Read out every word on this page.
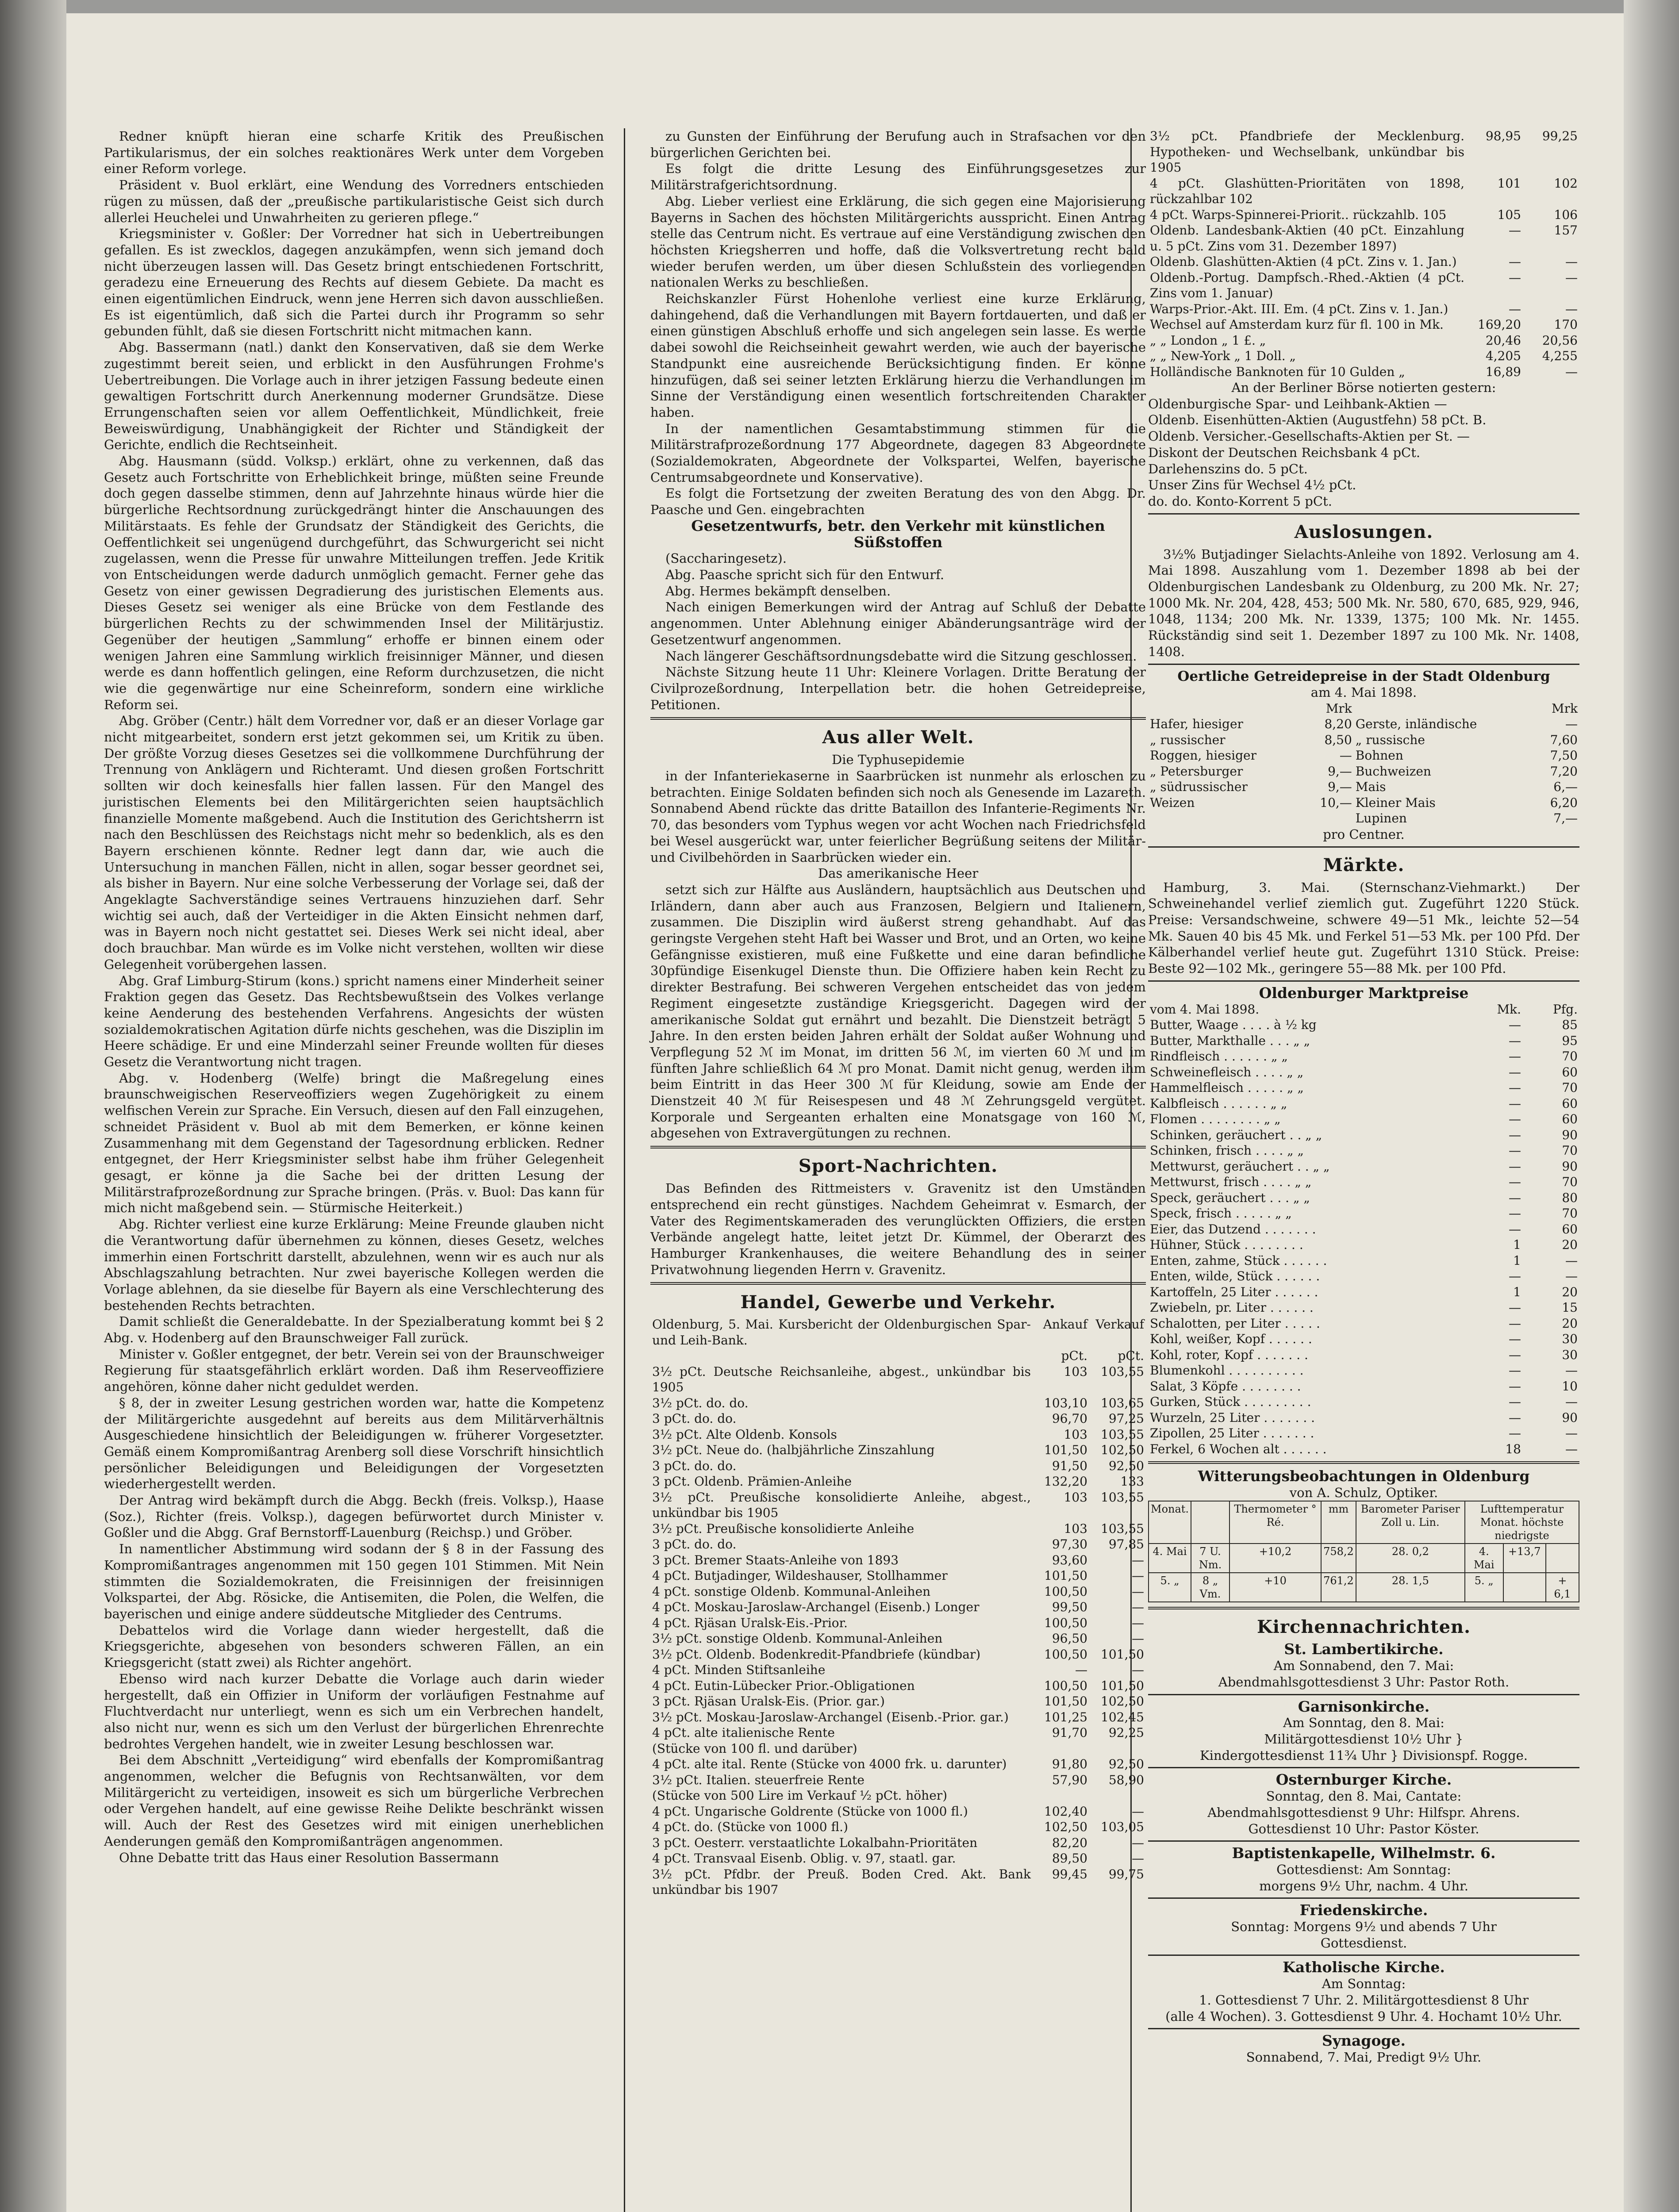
Redner knüpft hieran eine scharfe Kritik des Preußischen Partikularismus, der ein solches reaktionäres Werk unter dem Vorgeben einer Reform vorlege.

Präsident v. Buol erklärt, eine Wendung des Vorredners entschieden rügen zu müssen, daß der „preußische partikularistische Geist sich durch allerlei Heuchelei und Unwahrheiten zu gerieren pflege.“

Kriegsminister v. Goßler: Der Vorredner hat sich in Uebertreibungen gefallen. Es ist zwecklos, dagegen anzukämpfen, wenn sich jemand doch nicht überzeugen lassen will. Das Gesetz bringt entschiedenen Fortschritt, geradezu eine Erneuerung des Rechts auf diesem Gebiete. Da macht es einen eigentümlichen Eindruck, wenn jene Herren sich davon ausschließen. Es ist eigentümlich, daß sich die Partei durch ihr Programm so sehr gebunden fühlt, daß sie diesen Fortschritt nicht mitmachen kann.

Abg. Bassermann (natl.) dankt den Konservativen, daß sie dem Werke zugestimmt bereit seien, und erblickt in den Ausführungen Frohme's Uebertreibungen. Die Vorlage auch in ihrer jetzigen Fassung bedeute einen gewaltigen Fortschritt durch Anerkennung moderner Grundsätze. Diese Errungenschaften seien vor allem Oeffentlichkeit, Mündlichkeit, freie Beweiswürdigung, Unabhängigkeit der Richter und Ständigkeit der Gerichte, endlich die Rechtseinheit.

Abg. Hausmann (südd. Volksp.) erklärt, ohne zu verkennen, daß das Gesetz auch Fortschritte von Erheblichkeit bringe, müßten seine Freunde doch gegen dasselbe stimmen, denn auf Jahrzehnte hinaus würde hier die bürgerliche Rechtsordnung zurückgedrängt hinter die Anschauungen des Militärstaats. Es fehle der Grundsatz der Ständigkeit des Gerichts, die Oeffentlichkeit sei ungenügend durchgeführt, das Schwurgericht sei nicht zugelassen, wenn die Presse für unwahre Mitteilungen treffen. Jede Kritik von Entscheidungen werde dadurch unmöglich gemacht. Ferner gehe das Gesetz von einer gewissen Degradierung des juristischen Elements aus. Dieses Gesetz sei weniger als eine Brücke von dem Festlande des bürgerlichen Rechts zu der schwimmenden Insel der Militärjustiz. Gegenüber der heutigen „Sammlung“ erhoffe er binnen einem oder wenigen Jahren eine Sammlung wirklich freisinniger Männer, und diesen werde es dann hoffentlich gelingen, eine Reform durchzusetzen, die nicht wie die gegenwärtige nur eine Scheinreform, sondern eine wirkliche Reform sei.

Abg. Gröber (Centr.) hält dem Vorredner vor, daß er an dieser Vorlage gar nicht mitgearbeitet, sondern erst jetzt gekommen sei, um Kritik zu üben. Der größte Vorzug dieses Gesetzes sei die vollkommene Durchführung der Trennung von Anklägern und Richteramt. Und diesen großen Fortschritt sollten wir doch keinesfalls hier fallen lassen. Für den Mangel des juristischen Elements bei den Militärgerichten seien hauptsächlich finanzielle Momente maßgebend. Auch die Institution des Gerichtsherrn ist nach den Beschlüssen des Reichstags nicht mehr so bedenklich, als es den Bayern erschienen könnte. Redner legt dann dar, wie auch die Untersuchung in manchen Fällen, nicht in allen, sogar besser geordnet sei, als bisher in Bayern. Nur eine solche Verbesserung der Vorlage sei, daß der Angeklagte Sachverständige seines Vertrauens hinzuziehen darf. Sehr wichtig sei auch, daß der Verteidiger in die Akten Einsicht nehmen darf, was in Bayern noch nicht gestattet sei. Dieses Werk sei nicht ideal, aber doch brauchbar. Man würde es im Volke nicht verstehen, wollten wir diese Gelegenheit vorübergehen lassen.

Abg. Graf Limburg-Stirum (kons.) spricht namens einer Minderheit seiner Fraktion gegen das Gesetz. Das Rechtsbewußtsein des Volkes verlange keine Aenderung des bestehenden Verfahrens. Angesichts der wüsten sozialdemokratischen Agitation dürfe nichts geschehen, was die Disziplin im Heere schädige. Er und eine Minderzahl seiner Freunde wollten für dieses Gesetz die Verantwortung nicht tragen.

Abg. v. Hodenberg (Welfe) bringt die Maßregelung eines braunschweigischen Reserveoffiziers wegen Zugehörigkeit zu einem welfischen Verein zur Sprache. Ein Versuch, diesen auf den Fall einzugehen, schneidet Präsident v. Buol ab mit dem Bemerken, er könne keinen Zusammenhang mit dem Gegenstand der Tagesordnung erblicken. Redner entgegnet, der Herr Kriegsminister selbst habe ihm früher Gelegenheit gesagt, er könne ja die Sache bei der dritten Lesung der Militärstrafprozeßordnung zur Sprache bringen. (Präs. v. Buol: Das kann für mich nicht maßgebend sein. — Stürmische Heiterkeit.)

Abg. Richter verliest eine kurze Erklärung: Meine Freunde glauben nicht die Verantwortung dafür übernehmen zu können, dieses Gesetz, welches immerhin einen Fortschritt darstellt, abzulehnen, wenn wir es auch nur als Abschlagszahlung betrachten. Nur zwei bayerische Kollegen werden die Vorlage ablehnen, da sie dieselbe für Bayern als eine Verschlechterung des bestehenden Rechts betrachten.

Damit schließt die Generaldebatte. In der Spezialberatung kommt bei § 2 Abg. v. Hodenberg auf den Braunschweiger Fall zurück.

Minister v. Goßler entgegnet, der betr. Verein sei von der Braunschweiger Regierung für staatsgefährlich erklärt worden. Daß ihm Reserveoffiziere angehören, könne daher nicht geduldet werden.

§ 8, der in zweiter Lesung gestrichen worden war, hatte die Kompetenz der Militärgerichte ausgedehnt auf bereits aus dem Militärverhältnis Ausgeschiedene hinsichtlich der Beleidigungen w. früherer Vorgesetzter. Gemäß einem Kompromißantrag Arenberg soll diese Vorschrift hinsichtlich persönlicher Beleidigungen und Beleidigungen der Vorgesetzten wiederhergestellt werden.

Der Antrag wird bekämpft durch die Abgg. Beckh (freis. Volksp.), Haase (Soz.), Richter (freis. Volksp.), dagegen befürwortet durch Minister v. Goßler und die Abgg. Graf Bernstorff-Lauenburg (Reichsp.) und Gröber.

In namentlicher Abstimmung wird sodann der § 8 in der Fassung des Kompromißantrages angenommen mit 150 gegen 101 Stimmen. Mit Nein stimmten die Sozialdemokraten, die Freisinnigen der freisinnigen Volkspartei, der Abg. Rösicke, die Antisemiten, die Polen, die Welfen, die bayerischen und einige andere süddeutsche Mitglieder des Centrums.

Debattelos wird die Vorlage dann wieder hergestellt, daß die Kriegsgerichte, abgesehen von besonders schweren Fällen, an ein Kriegsgericht (statt zwei) als Richter angehört.

Ebenso wird nach kurzer Debatte die Vorlage auch darin wieder hergestellt, daß ein Offizier in Uniform der vorläufigen Festnahme auf Fluchtverdacht nur unterliegt, wenn es sich um ein Verbrechen handelt, also nicht nur, wenn es sich um den Verlust der bürgerlichen Ehrenrechte bedrohtes Vergehen handelt, wie in zweiter Lesung beschlossen war.

Bei dem Abschnitt „Verteidigung“ wird ebenfalls der Kompromißantrag angenommen, welcher die Befugnis von Rechtsanwälten, vor dem Militärgericht zu verteidigen, insoweit es sich um bürgerliche Verbrechen oder Vergehen handelt, auf eine gewisse Reihe Delikte beschränkt wissen will. Auch der Rest des Gesetzes wird mit einigen unerheblichen Aenderungen gemäß den Kompromißanträgen angenommen.

Ohne Debatte tritt das Haus einer Resolution Bassermann

zu Gunsten der Einführung der Berufung auch in Strafsachen vor den bürgerlichen Gerichten bei.

Es folgt die dritte Lesung des Einführungsgesetzes zur Militärstrafgerichtsordnung.

Abg. Lieber verliest eine Erklärung, die sich gegen eine Majorisierung Bayerns in Sachen des höchsten Militärgerichts ausspricht. Einen Antrag stelle das Centrum nicht. Es vertraue auf eine Verständigung zwischen den höchsten Kriegsherren und hoffe, daß die Volksvertretung recht bald wieder berufen werden, um über diesen Schlußstein des vorliegenden nationalen Werks zu beschließen.

Reichskanzler Fürst Hohenlohe verliest eine kurze Erklärung, dahingehend, daß die Verhandlungen mit Bayern fortdauerten, und daß er einen günstigen Abschluß erhoffe und sich angelegen sein lasse. Es werde dabei sowohl die Reichseinheit gewahrt werden, wie auch der bayerische Standpunkt eine ausreichende Berücksichtigung finden. Er könne hinzufügen, daß sei seiner letzten Erklärung hierzu die Verhandlungen im Sinne der Verständigung einen wesentlich fortschreitenden Charakter haben.

In der namentlichen Gesamtabstimmung stimmen für die Militärstrafprozeßordnung 177 Abgeordnete, dagegen 83 Abgeordnete (Sozialdemokraten, Abgeordnete der Volkspartei, Welfen, bayerische Centrumsabgeordnete und Konservative).

Es folgt die Fortsetzung der zweiten Beratung des von den Abgg. Dr. Paasche und Gen. eingebrachten

Gesetzentwurfs, betr. den Verkehr mit künstlichen Süßstoffen

(Saccharingesetz).

Abg. Paasche spricht sich für den Entwurf.

Abg. Hermes bekämpft denselben.

Nach einigen Bemerkungen wird der Antrag auf Schluß der Debatte angenommen. Unter Ablehnung einiger Abänderungsanträge wird der Gesetzentwurf angenommen.

Nach längerer Geschäftsordnungsdebatte wird die Sitzung geschlossen.

Nächste Sitzung heute 11 Uhr: Kleinere Vorlagen. Dritte Beratung der Civilprozeßordnung, Interpellation betr. die hohen Getreidepreise, Petitionen.

Aus aller Welt.

Die Typhusepidemie

in der Infanteriekaserne in Saarbrücken ist nunmehr als erloschen zu betrachten. Einige Soldaten befinden sich noch als Genesende im Lazareth. Sonnabend Abend rückte das dritte Bataillon des Infanterie-Regiments Nr. 70, das besonders vom Typhus wegen vor acht Wochen nach Friedrichsfeld bei Wesel ausgerückt war, unter feierlicher Begrüßung seitens der Militär- und Civilbehörden in Saarbrücken wieder ein.

Das amerikanische Heer

setzt sich zur Hälfte aus Ausländern, hauptsächlich aus Deutschen und Irländern, dann aber auch aus Franzosen, Belgiern und Italienern, zusammen. Die Disziplin wird äußerst streng gehandhabt. Auf das geringste Vergehen steht Haft bei Wasser und Brot, und an Orten, wo keine Gefängnisse existieren, muß eine Fußkette und eine daran befindliche 30pfündige Eisenkugel Dienste thun. Die Offiziere haben kein Recht zu direkter Bestrafung. Bei schweren Vergehen entscheidet das von jedem Regiment eingesetzte zuständige Kriegsgericht. Dagegen wird der amerikanische Soldat gut ernährt und bezahlt. Die Dienstzeit beträgt 5 Jahre. In den ersten beiden Jahren erhält der Soldat außer Wohnung und Verpflegung 52 ℳ im Monat, im dritten 56 ℳ, im vierten 60 ℳ und im fünften Jahre schließlich 64 ℳ pro Monat. Damit nicht genug, werden ihm beim Eintritt in das Heer 300 ℳ für Kleidung, sowie am Ende der Dienstzeit 40 ℳ für Reisespesen und 48 ℳ Zehrungsgeld vergütet. Korporale und Sergeanten erhalten eine Monatsgage von 160 ℳ, abgesehen von Extravergütungen zu rechnen.

Sport-Nachrichten.

Das Befinden des Rittmeisters v. Gravenitz ist den Umständen entsprechend ein recht günstiges. Nachdem Geheimrat v. Esmarch, der Vater des Regimentskameraden des verunglückten Offiziers, die ersten Verbände angelegt hatte, leitet jetzt Dr. Kümmel, der Oberarzt des Hamburger Krankenhauses, die weitere Behandlung des in seiner Privatwohnung liegenden Herrn v. Gravenitz.

Handel, Gewerbe und Verkehr.

Oldenburg, 5. Mai. Kursbericht der Oldenburgischen Spar- und Leih-Bank.	Ankauf	Verkauf
	pCt.	pCt.
3½ pCt. Deutsche Reichsanleihe, abgest., unkündbar bis 1905	103	103,55
3½ pCt. do. do.	103,10	103,65
3 pCt. do. do.	96,70	97,25
3½ pCt. Alte Oldenb. Konsols	103	103,55
3½ pCt. Neue do. (halbjährliche Zinszahlung	101,50	102,50
3 pCt. do. do.	91,50	92,50
3 pCt. Oldenb. Prämien-Anleihe	132,20	133
3½ pCt. Preußische konsolidierte Anleihe, abgest., unkündbar bis 1905	103	103,55
3½ pCt. Preußische konsolidierte Anleihe	103	103,55
3 pCt. do. do.	97,30	97,85
3 pCt. Bremer Staats-Anleihe von 1893	93,60	—
4 pCt. Butjadinger, Wildeshauser, Stollhammer	101,50	—
4 pCt. sonstige Oldenb. Kommunal-Anleihen	100,50	—
4 pCt. Moskau-Jaroslaw-Archangel (Eisenb.) Longer	99,50	—
4 pCt. Rjäsan Uralsk-Eis.-Prior.	100,50	—
3½ pCt. sonstige Oldenb. Kommunal-Anleihen	96,50	—
3½ pCt. Oldenb. Bodenkredit-Pfandbriefe (kündbar)	100,50	101,50
4 pCt. Minden Stiftsanleihe	—	—
4 pCt. Eutin-Lübecker Prior.-Obligationen	100,50	101,50
3 pCt. Rjäsan Uralsk-Eis. (Prior. gar.)	101,50	102,50
3½ pCt. Moskau-Jaroslaw-Archangel (Eisenb.-Prior. gar.)	101,25	102,45
4 pCt. alte italienische Rente	91,70	92,25
(Stücke von 100 fl. und darüber)		
4 pCt. alte ital. Rente (Stücke von 4000 frk. u. darunter)	91,80	92,50
3½ pCt. Italien. steuerfreie Rente	57,90	58,90
(Stücke von 500 Lire im Verkauf ½ pCt. höher)		
4 pCt. Ungarische Goldrente (Stücke von 1000 fl.)	102,40	—
4 pCt. do. (Stücke von 1000 fl.)	102,50	103,05
3 pCt. Oesterr. verstaatlichte Lokalbahn-Prioritäten	82,20	—
4 pCt. Transvaal Eisenb. Oblig. v. 97, staatl. gar.	89,50	—
3½ pCt. Pfdbr. der Preuß. Boden Cred. Akt. Bank unkündbar bis 1907	99,45	99,75
3½ pCt. Pfandbriefe der Mecklenburg. Hypotheken- und Wechselbank, unkündbar bis 1905	98,95	99,25
4 pCt. Glashütten-Prioritäten von 1898, rückzahlbar 102	101	102
4 pCt. Warps-Spinnerei-Priorit.. rückzahlb. 105	105	106
Oldenb. Landesbank-Aktien (40 pCt. Einzahlung u. 5 pCt. Zins vom 31. Dezember 1897)	—	157
Oldenb. Glashütten-Aktien (4 pCt. Zins v. 1. Jan.)	—	—
Oldenb.-Portug. Dampfsch.-Rhed.-Aktien (4 pCt. Zins vom 1. Januar)	—	—
Warps-Prior.-Akt. III. Em. (4 pCt. Zins v. 1. Jan.)	—	—
Wechsel auf Amsterdam kurz für fl. 100 in Mk.	169,20	170
„ „ London „ 1 £. „	20,46	20,56
„ „ New-York „ 1 Doll. „	4,205	4,255
Holländische Banknoten für 10 Gulden „	16,89	—

An der Berliner Börse notierten gestern:

Oldenburgische Spar- und Leihbank-Aktien —

Oldenb. Eisenhütten-Aktien (Augustfehn) 58 pCt. B.

Oldenb. Versicher.-Gesellschafts-Aktien per St. —

Diskont der Deutschen Reichsbank 4 pCt.

Darlehenszins do. 5 pCt.

Unser Zins für Wechsel 4½ pCt.

do. do. Konto-Korrent 5 pCt.

Auslosungen.

3½% Butjadinger Sielachts-Anleihe von 1892. Verlosung am 4. Mai 1898. Auszahlung vom 1. Dezember 1898 ab bei der Oldenburgischen Landesbank zu Oldenburg, zu 200 Mk. Nr. 27; 1000 Mk. Nr. 204, 428, 453; 500 Mk. Nr. 580, 670, 685, 929, 946, 1048, 1134; 200 Mk. Nr. 1339, 1375; 100 Mk. Nr. 1455. Rückständig sind seit 1. Dezember 1897 zu 100 Mk. Nr. 1408, 1408.

Oertliche Getreidepreise in der Stadt Oldenburg

am 4. Mai 1898.

	Mrk		Mrk
Hafer, hiesiger	8,20	Gerste, inländische	—
„ russischer	8,50	„ russische	7,60
Roggen, hiesiger	—	Bohnen	7,50
„ Petersburger	9,—	Buchweizen	7,20
„ südrussischer	9,—	Mais	6,—
Weizen	10,—	Kleiner Mais	6,20
		Lupinen	7,—

pro Centner.

Märkte.

Hamburg, 3. Mai. (Sternschanz-Viehmarkt.) Der Schweinehandel verlief ziemlich gut. Zugeführt 1220 Stück. Preise: Versandschweine, schwere 49—51 Mk., leichte 52—54 Mk. Sauen 40 bis 45 Mk. und Ferkel 51—53 Mk. per 100 Pfd. Der Kälberhandel verlief heute gut. Zugeführt 1310 Stück. Preise: Beste 92—102 Mk., geringere 55—88 Mk. per 100 Pfd.

Oldenburger Marktpreise

vom 4. Mai 1898.	Mk.	Pfg.
Butter, Waage . . . . à ½ kg	—	85
Butter, Markthalle . . . „ „	—	95
Rindfleisch . . . . . . „ „	—	70
Schweinefleisch . . . . „ „	—	60
Hammelfleisch . . . . . „ „	—	70
Kalbfleisch . . . . . . „ „	—	60
Flomen . . . . . . . . „ „	—	60
Schinken, geräuchert . . „ „	—	90
Schinken, frisch . . . . „ „	—	70
Mettwurst, geräuchert . . „ „	—	90
Mettwurst, frisch . . . . „ „	—	70
Speck, geräuchert . . . „ „	—	80
Speck, frisch . . . . . „ „	—	70
Eier, das Dutzend . . . . . . .	—	60
Hühner, Stück . . . . . . . .	1	20
Enten, zahme, Stück . . . . . .	1	—
Enten, wilde, Stück . . . . . .	—	—
Kartoffeln, 25 Liter . . . . . .	1	20
Zwiebeln, pr. Liter . . . . . .	—	15
Schalotten, per Liter . . . . .	—	20
Kohl, weißer, Kopf . . . . . .	—	30
Kohl, roter, Kopf . . . . . . .	—	30
Blumenkohl . . . . . . . . . .	—	—
Salat, 3 Köpfe . . . . . . . .	—	10
Gurken, Stück . . . . . . . . .	—	—
Wurzeln, 25 Liter . . . . . . .	—	90
Zipollen, 25 Liter . . . . . . .	—	—
Ferkel, 6 Wochen alt . . . . . .	18	—

Witterungsbeobachtungen in Oldenburg

von A. Schulz, Optiker.

Monat.		Thermometer ° Ré.	mm	Barometer Pariser Zoll u. Lin.	Lufttemperatur
Monat. höchste niedrigste		
4. Mai	7 U. Nm.	+10,2	758,2	28. 0,2	4. Mai	+13,7	
5. „	8 „ Vm.	+10	761,2	28. 1,5	5. „		+ 6,1

Kirchennachrichten.

St. Lambertikirche.

Am Sonnabend, den 7. Mai:

Abendmahlsgottesdienst 3 Uhr: Pastor Roth.

Garnisonkirche.

Am Sonntag, den 8. Mai:

Militärgottesdienst 10½ Uhr }

Kindergottesdienst 11¾ Uhr } Divisionspf. Rogge.

Osternburger Kirche.

Sonntag, den 8. Mai, Cantate:

Abendmahlsgottesdienst 9 Uhr: Hilfspr. Ahrens.

Gottesdienst 10 Uhr: Pastor Köster.

Baptistenkapelle, Wilhelmstr. 6.

Gottesdienst: Am Sonntag:

morgens 9½ Uhr, nachm. 4 Uhr.

Friedenskirche.

Sonntag: Morgens 9½ und abends 7 Uhr

Gottesdienst.

Katholische Kirche.

Am Sonntag:

1. Gottesdienst 7 Uhr. 2. Militärgottesdienst 8 Uhr

(alle 4 Wochen). 3. Gottesdienst 9 Uhr. 4. Hochamt 10½ Uhr.

Synagoge.

Sonnabend, 7. Mai, Predigt 9½ Uhr.
